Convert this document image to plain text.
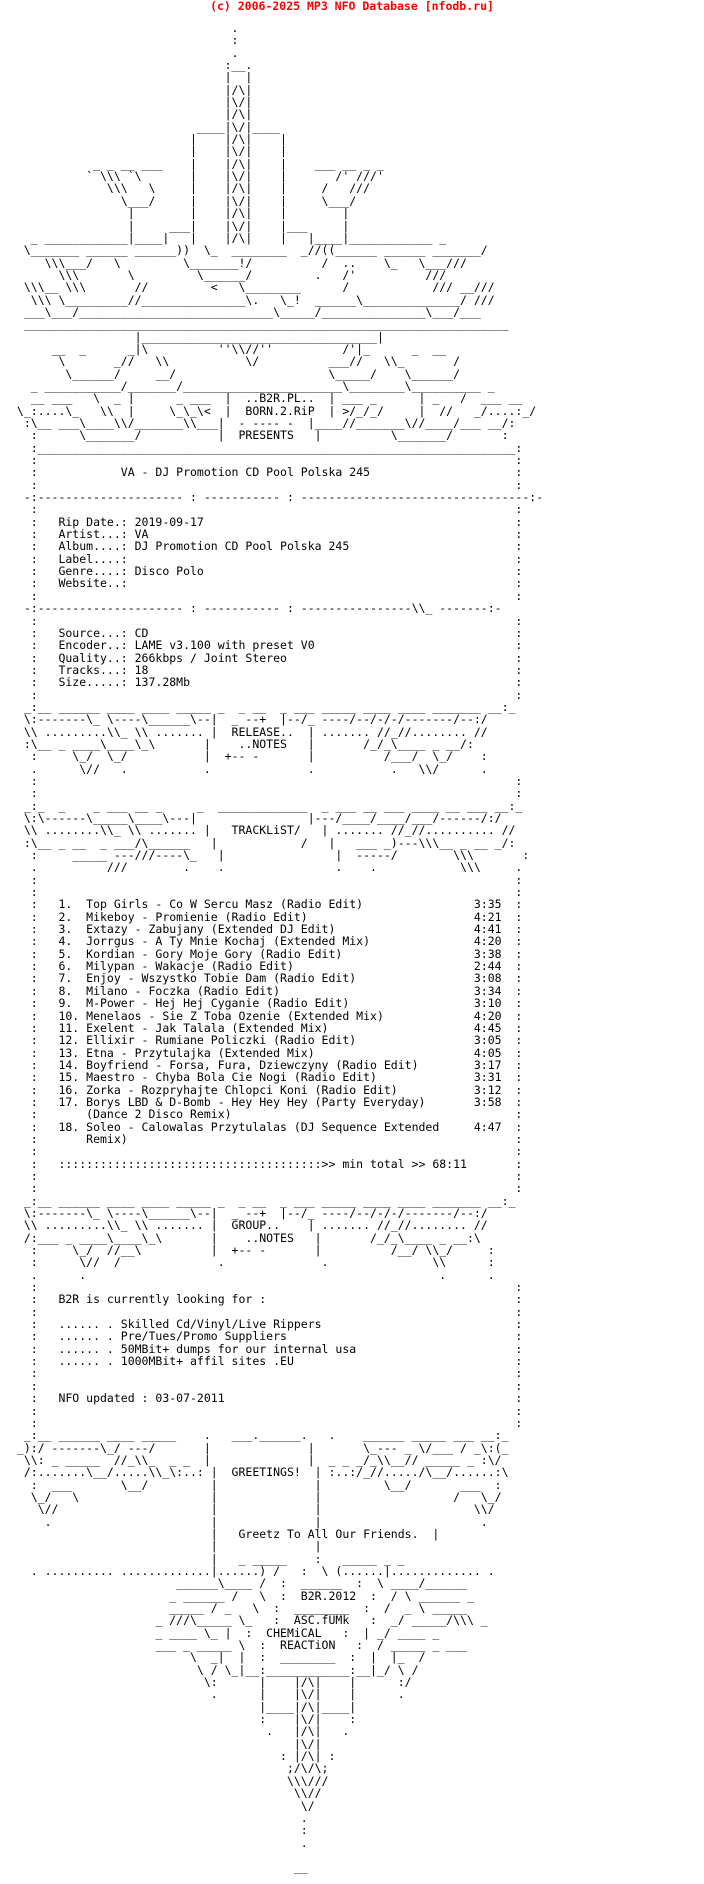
(c) 2006-2025 MP3 NFO Database [nfodb.ru]
.
:
.
:__.
|  |
|/\|
|\/|
|/\|
____|\/|____
|    |/\|    |
|    |\/|    |
_ _ __ ___    |    |/\|    |    ___ __ _ _
` \\\ `\       |    |\/|    |       /' ///'
\\\   \     |    |/\|    |     /   ///
\___/     |    |\/|    |     \___/
|        |    |/\|    |        |
|     ___|    |\/|    |___     |
_ ____________|____|   |    |/\|    |   |____|____________ _
\_______ ______ ______))  \_  ________  _//((______ ______ _______/
\\\___/   \         \_______!/          /  ..    \_   \___///
\\\       \         \______/         .   /'          ///
\\\__ \\\       //         <   \________      /            /// __///
\\\ \_________//_______________\.   \_!  ______\______________/ ///
___\___/____________________________\_____/_______________\___/___
______________________________________________________________________
|__________________________________|
__  _      _|\          ''\\//''          /'|_      _  __
\       _//   \\           \/          ___//   \\_       /
\______/     __/                      \_____/    \______/
_ ___________/_______/_______________________\________\__________ _
__ ___   \  _ |      _ ___  |  ..B2R.PL..  | ___ _      | _   /  ___ __
\_:....\_   \\  |     \_\_\<  |  BORN.2.RiP  | >/_/_/     |  //   _/....:_/
:\__ ___\____\\/_______\\___|  - ---- -  |____//_______\//____/___ __/:
:      \_______/           |  PRESENTS   |          \_______/       :
:_____________________________________________________________________:
:                                                                     :
:            VA - DJ Promotion CD Pool Polska 245                     :
:                                                                     :
-:--------------------- : ----------- : ---------------------------------:-
:                                                                     :
:   Rip Date.: 2019-09-17                                             :
:   Artist...: VA                                                     :
:   Album....: DJ Promotion CD Pool Polska 245                        :
:   Label....:                                                        :
:   Genre....: Disco Polo                                             :
:   Website..:                                                        :
:                                                                     :
-:--------------------- : ----------- : ----------------\\_ -------:-
:                                                                     :
:   Source...: CD                                                     :
:   Encoder..: LAME v3.100 with preset V0                             :
:   Quality..: 266kbps / Joint Stereo                                 :
:   Tracks...: 18                                                     :
:   Size.....: 137.28Mb                                               :
:                                                                     :
_:__ ______ ____ ____ _____ _  _ __  _ ___ _____ ____ ____ _______ __:_
\:-------\_ \----\______\--|  _ --+  |--/_ ----/--/-/-/-------/--:/
\\ .........\\_ \\ ....... |  RELEASE..  | ....... //_//........ //
:\__ _ ____\____\_\       |    ..NOTES   |       /_/_\____ _ __/:
:     \_/  \_/           |  +-- -       |          /___/  \_/    :
.      \//   .           .              .           .   \\/      .
:                                                                     :
:                                                                     :
_:_  _    _ ___ __ _     _  _____________  _ ___ __ ___ ____ __ ___ __:_
\:\------\_____\____\---|                |---/____/____/___/------/:/
\\ ........\\_ \\ ....... |   TRACKLiST/   | ....... //_//.......... //
:\__ _ __  _ ___/\______   |            /   |   ___ _)---\\\__ _ __ _/:
:     _____ ---///----\_   |                |  -----/        \\\       :
.          ///        .    .                .    .            \\\     .
:                                                                     :
:                                                                     :
:   1.  Top Girls - Co W Sercu Masz (Radio Edit)                3:35  :
:   2.  Mikeboy - Promienie (Radio Edit)                        4:21  :
:   3.  Extazy - Zabujany (Extended DJ Edit)                    4:41  :
:   4.  Jorrgus - A Ty Mnie Kochaj (Extended Mix)               4:20  :
:   5.  Kordian - Gory Moje Gory (Radio Edit)                   3:38  :
:   6.  Milypan - Wakacje (Radio Edit)                          2:44  :
:   7.  Enjoy - Wszystko Tobie Dam (Radio Edit)                 3:08  :
:   8.  Milano - Foczka (Radio Edit)                            3:34  :
:   9.  M-Power - Hej Hej Cyganie (Radio Edit)                  3:10  :
:   10. Menelaos - Sie Z Toba Ozenie (Extended Mix)             4:20  :
:   11. Exelent - Jak Talala (Extended Mix)                     4:45  :
:   12. Ellixir - Rumiane Policzki (Radio Edit)                 3:05  :
:   13. Etna - Przytulajka (Extended Mix)                       4:05  :
:   14. Boyfriend - Forsa, Fura, Dziewczyny (Radio Edit)        3:17  :
:   15. Maestro - Chyba Bola Cie Nogi (Radio Edit)              3:31  :
:   16. Zorka - Rozpryhajte Chlopci Koni (Radio Edit)           3:12  :
:   17. Borys LBD & D-Bomb - Hey Hey Hey (Party Everyday)       3:58  :
:       (Dance 2 Disco Remix)                                         :
:   18. Soleo - Calowalas Przytulalas (DJ Sequence Extended     4:47  :
:       Remix)                                                        :
:                                                                     :
:   ::::::::::::::::::::::::::::::::::::::>> min total >> 68:11       :
:                                                                     :
:                                                                     :
_:__ ______ ____ ____ _____ _  _ __  _ ___ _____ ____ ____ _______ __:_
\:-------\_ \----\______\--|  _ --+  |--/_ ----/--/-/-/-------/--:/
\\ .........\\_ \\ ....... |  GROUP..    | ....... //_//........ //
/:___ _ ____\____\_\       |    ..NOTES   |       /_/_\____ _ __:\
:     \_/  //__\          |  +-- -       |          /__/ \\_/     :
:      \//  /              .              .               \\      :
.      .                                                   .      .
:                                                                     :
:   B2R is currently looking for :                                    :
:                                                                     :
:   ...... . Skilled Cd/Vinyl/Live Rippers                            :
:   ...... . Pre/Tues/Promo Suppliers                                 :
:   ...... . 50MBit+ dumps for our internal usa                       :
:   ...... . 1000MBit+ affil sites .EU                                :
:                                                                     :
:                                                                     :
:   NFO updated : 03-07-2011                                          :
:                                                                     :
:                                                                     :
_:__ ______ ____ _____    .   ___.______.   .    ______ _____ ___ __:_
_):/ -------\_/ ---/       |              |       \_--- _ \/___ / _\:(_
\\: _ _____  //_\\_  _ _  |              |  _ _ _/_\\__// _____ _ :\/
/:.......\__/.....\\_\:..: |  GREETINGS!  | :..:/_//...../\__/......:\
:  ___       \__/         |              |         \__/       ___  :
\_/   \                   |              |                   /   \_/
\//                      |              |                      \\/
.                       |              |                       .
|   Greetz To All Our Friends.  |
|              |
|   _ _____    :   _____ _ _
. .......... .............|......) /   :  \ (......|............. .
______\____ /  :  ______  :  \ ____/______
_ ______ /   \  :  B2R.2012  :  / \ ______ _
_____ / _   \  :  ________  :  /  _ \ _____
_ ///\_____ \_   :  ASC.fUMk   :  _/ _____/\\\ _
_ ____ \_ |  :  CHEMiCAL   :  | _/ ____ _
___ _ _____ \  :  REACTiON   :  / _____ _ ___
\  _|  |  :  ________  :  |  |_  /
\ / \_|__:____________:__|_/ \ /
\:      |    |/\|    |      :/
.      |    |\/|    |      .
|____|/\|____|
:    |\/|    :
.   |/\|   .
|\/|
: |/\| :
;/\/\;
\\\///
\\//
\/
.
:
.

__
